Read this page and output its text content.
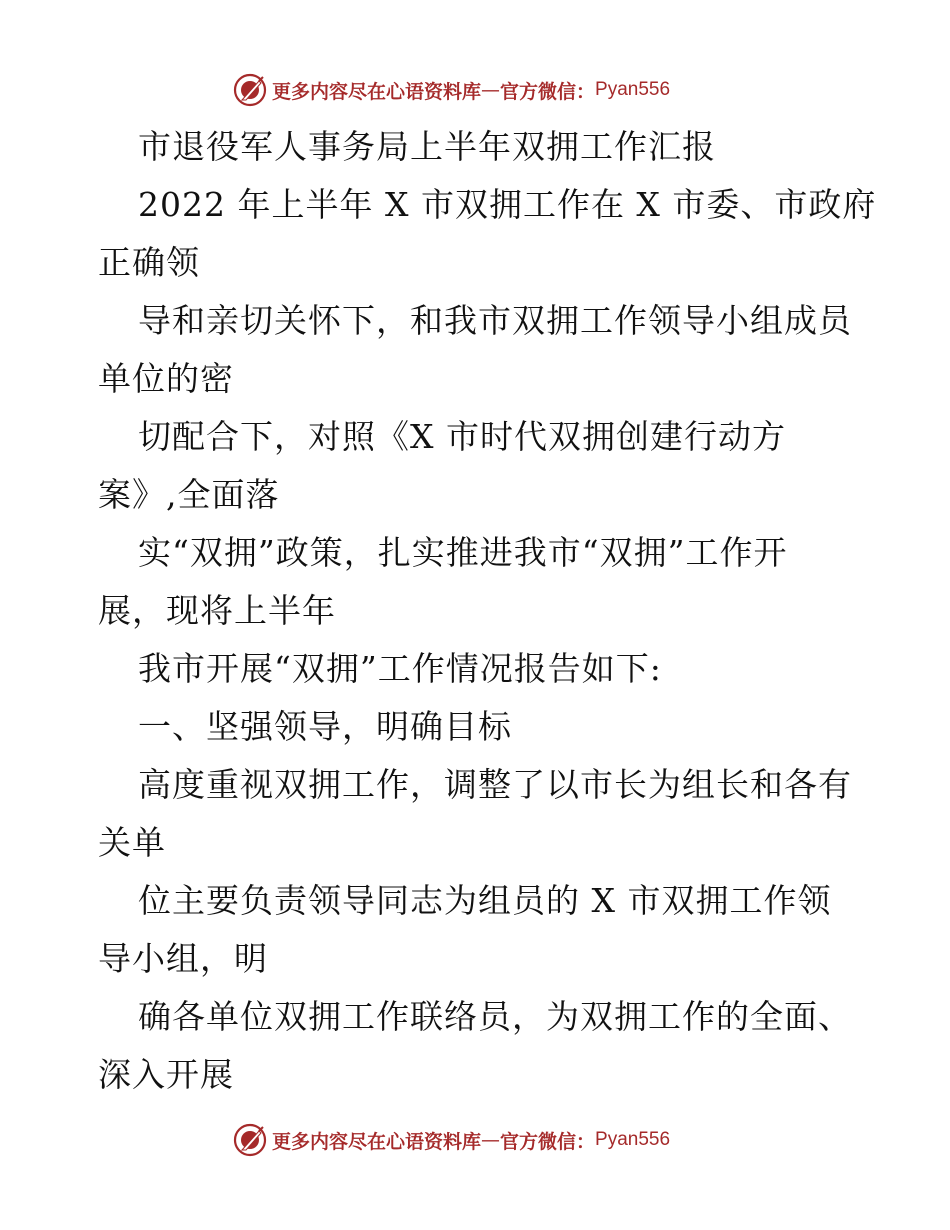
更多内容尽在心语资料库 — 官方微信： Pyan556
市退役军人事务局上半年双拥工作汇报
2022 年上半年 X 市双拥工作在 X 市委、市政府
正确领
导和亲切关怀下，和我市双拥工作领导小组成员
单位的密
切配合下，对照《X 市时代双拥创建行动方
案》,全面落
实“双拥”政策，扎实推进我市“双拥”工作开
展，现将上半年
我市开展“双拥”工作情况报告如下:
一、坚强领导，明确目标
高度重视双拥工作，调整了以市长为组长和各有
关单
位主要负责领导同志为组员的 X 市双拥工作领
导小组，明
确各单位双拥工作联络员，为双拥工作的全面、
深入开展
更多内容尽在心语资料库 — 官方微信： Pyan556
